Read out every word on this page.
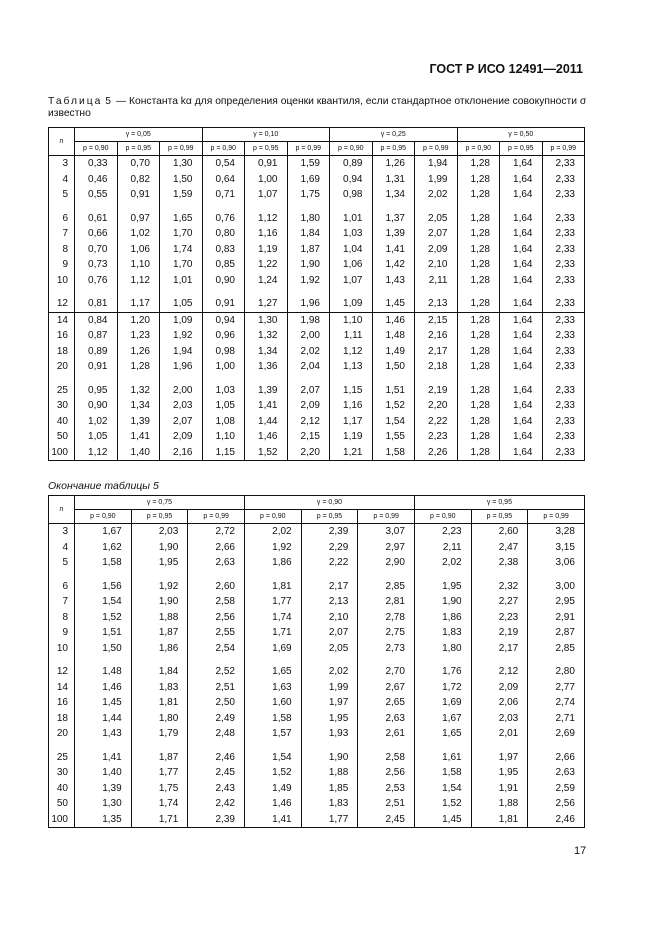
ГОСТ Р ИСО 12491—2011
Таблица 5 — Константа kα для определения оценки квантиля, если стандартное отклонение совокупности σ известно
n	γ = 0,05			γ = 0,10			γ = 0,25			γ = 0,50		
	p = 0,90	p = 0,95	p = 0,99	p = 0,90	p = 0,95	p = 0,99	p = 0,90	p = 0,95	p = 0,99	p = 0,90	p = 0,95	p = 0,99
3	0,33	0,70	1,30	0,54	0,91	1,59	0,89	1,26	1,94	1,28	1,64	2,33
4	0,46	0,82	1,50	0,64	1,00	1,69	0,94	1,31	1,99	1,28	1,64	2,33
5	0,55	0,91	1,59	0,71	1,07	1,75	0,98	1,34	2,02	1,28	1,64	2,33

6	0,61	0,97	1,65	0,76	1,12	1,80	1,01	1,37	2,05	1,28	1,64	2,33
7	0,66	1,02	1,70	0,80	1,16	1,84	1,03	1,39	2,07	1,28	1,64	2,33
8	0,70	1,06	1,74	0,83	1,19	1,87	1,04	1,41	2,09	1,28	1,64	2,33
9	0,73	1,10	1,70	0,85	1,22	1,90	1,06	1,42	2,10	1,28	1,64	2,33
10	0,76	1,12	1,01	0,90	1,24	1,92	1,07	1,43	2,11	1,28	1,64	2,33

12	0,81	1,17	1,05	0,91	1,27	1,96	1,09	1,45	2,13	1,28	1,64	2,33
14	0,84	1,20	1,09	0,94	1,30	1,98	1,10	1,46	2,15	1,28	1,64	2,33
16	0,87	1,23	1,92	0,96	1,32	2,00	1,11	1,48	2,16	1,28	1,64	2,33
18	0,89	1,26	1,94	0,98	1,34	2,02	1,12	1,49	2,17	1,28	1,64	2,33
20	0,91	1,28	1,96	1,00	1,36	2,04	1,13	1,50	2,18	1,28	1,64	2,33

25	0,95	1,32	2,00	1,03	1,39	2,07	1,15	1,51	2,19	1,28	1,64	2,33
30	0,90	1,34	2,03	1,05	1,41	2,09	1,16	1,52	2,20	1,28	1,64	2,33
40	1,02	1,39	2,07	1,08	1,44	2,12	1,17	1,54	2,22	1,28	1,64	2,33
50	1,05	1,41	2,09	1,10	1,46	2,15	1,19	1,55	2,23	1,28	1,64	2,33
100	1,12	1,40	2,16	1,15	1,52	2,20	1,21	1,58	2,26	1,28	1,64	2,33
Окончание таблицы 5
n	γ = 0,75			γ = 0,90			γ = 0,95		
	p = 0,90	p = 0,95	p = 0,99	p = 0,90	p = 0,95	p = 0,99	p = 0,90	p = 0,95	p = 0,99
3	1,67	2,03	2,72	2,02	2,39	3,07	2,23	2,60	3,28
4	1,62	1,90	2,66	1,92	2,29	2,97	2,11	2,47	3,15
5	1,58	1,95	2,63	1,86	2,22	2,90	2,02	2,38	3,06

6	1,56	1,92	2,60	1,81	2,17	2,85	1,95	2,32	3,00
7	1,54	1,90	2,58	1,77	2,13	2,81	1,90	2,27	2,95
8	1,52	1,88	2,56	1,74	2,10	2,78	1,86	2,23	2,91
9	1,51	1,87	2,55	1,71	2,07	2,75	1,83	2,19	2,87
10	1,50	1,86	2,54	1,69	2,05	2,73	1,80	2,17	2,85

12	1,48	1,84	2,52	1,65	2,02	2,70	1,76	2,12	2,80
14	1,46	1,83	2,51	1,63	1,99	2,67	1,72	2,09	2,77
16	1,45	1,81	2,50	1,60	1,97	2,65	1,69	2,06	2,74
18	1,44	1,80	2,49	1,58	1,95	2,63	1,67	2,03	2,71
20	1,43	1,79	2,48	1,57	1,93	2,61	1,65	2,01	2,69

25	1,41	1,87	2,46	1,54	1,90	2,58	1,61	1,97	2,66
30	1,40	1,77	2,45	1,52	1,88	2,56	1,58	1,95	2,63
40	1,39	1,75	2,43	1,49	1,85	2,53	1,54	1,91	2,59
50	1,30	1,74	2,42	1,46	1,83	2,51	1,52	1,88	2,56
100	1,35	1,71	2,39	1,41	1,77	2,45	1,45	1,81	2,46
17
